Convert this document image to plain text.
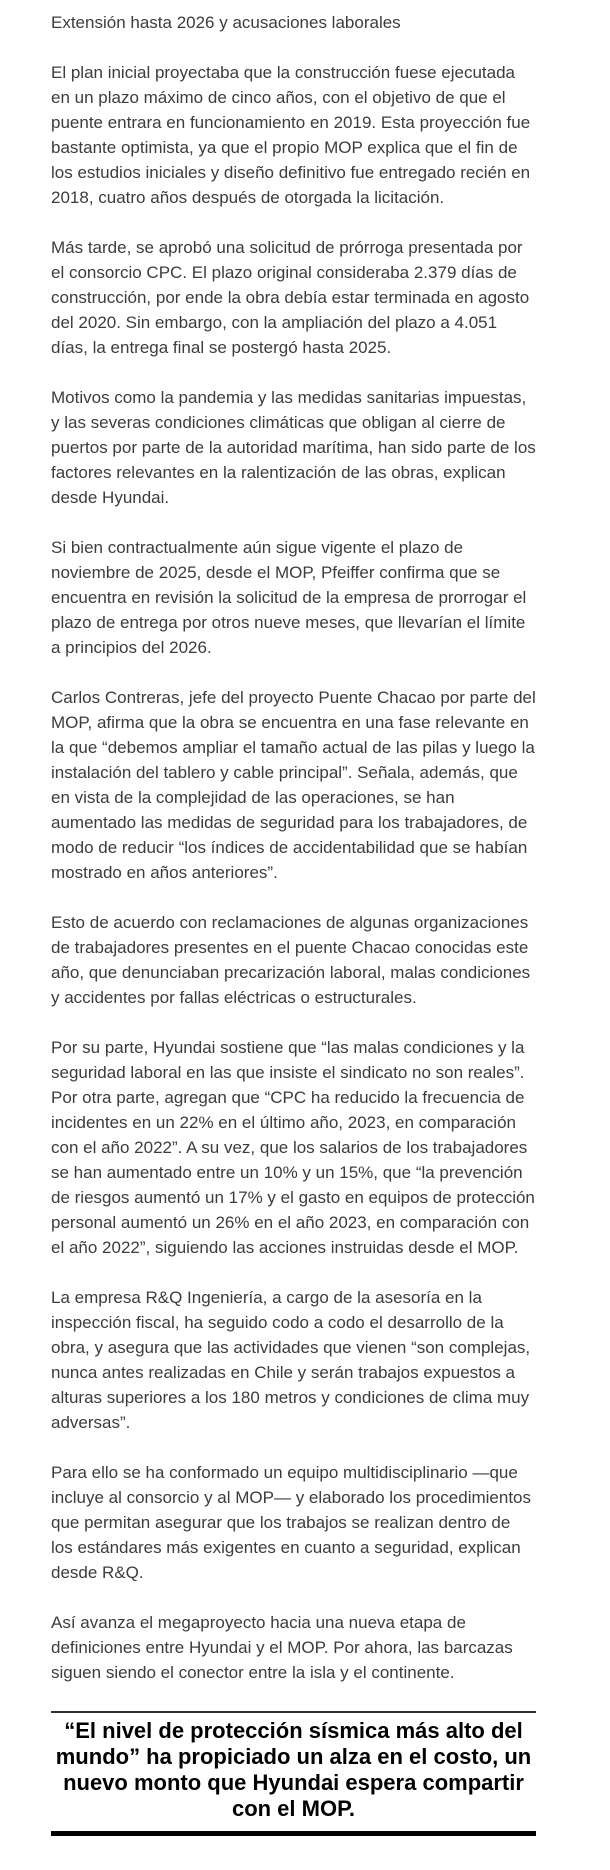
Extensión hasta 2026 y acusaciones laborales

El plan inicial proyectaba que la construcción fuese ejecutada en un plazo máximo de cinco años, con el objetivo de que el puente entrara en funcionamiento en 2019. Esta proyección fue bastante optimista, ya que el propio MOP explica que el fin de los estudios iniciales y diseño definitivo fue entregado recién en 2018, cuatro años después de otorgada la licitación.

Más tarde, se aprobó una solicitud de prórroga presentada por el consorcio CPC. El plazo original consideraba 2.379 días de construcción, por ende la obra debía estar terminada en agosto del 2020. Sin embargo, con la ampliación del plazo a 4.051 días, la entrega final se postergó hasta 2025.

Motivos como la pandemia y las medidas sanitarias impuestas, y las severas condiciones climáticas que obligan al cierre de puertos por parte de la autoridad marítima, han sido parte de los factores relevantes en la ralentización de las obras, explican desde Hyundai.

Si bien contractualmente aún sigue vigente el plazo de noviembre de 2025, desde el MOP, Pfeiffer confirma que se encuentra en revisión la solicitud de la empresa de prorrogar el plazo de entrega por otros nueve meses, que llevarían el límite a principios del 2026.

Carlos Contreras, jefe del proyecto Puente Chacao por parte del MOP, afirma que la obra se encuentra en una fase relevante en la que “debemos ampliar el tamaño actual de las pilas y luego la instalación del tablero y cable principal”. Señala, además, que en vista de la complejidad de las operaciones, se han aumentado las medidas de seguridad para los trabajadores, de modo de reducir “los índices de accidentabilidad que se habían mostrado en años anteriores”.

Esto de acuerdo con reclamaciones de algunas organizaciones de trabajadores presentes en el puente Chacao conocidas este año, que denunciaban precarización laboral, malas condiciones y accidentes por fallas eléctricas o estructurales.

Por su parte, Hyundai sostiene que “las malas condiciones y la seguridad laboral en las que insiste el sindicato no son reales”. Por otra parte, agregan que “CPC ha reducido la frecuencia de incidentes en un 22% en el último año, 2023, en comparación con el año 2022”. A su vez, que los salarios de los trabajadores se han aumentado entre un 10% y un 15%, que “la prevención de riesgos aumentó un 17% y el gasto en equipos de protección personal aumentó un 26% en el año 2023, en comparación con el año 2022”, siguiendo las acciones instruidas desde el MOP.

La empresa R&Q Ingeniería, a cargo de la asesoría en la inspección fiscal, ha seguido codo a codo el desarrollo de la obra, y asegura que las actividades que vienen “son complejas, nunca antes realizadas en Chile y serán trabajos expuestos a alturas superiores a los 180 metros y condiciones de clima muy adversas”.

Para ello se ha conformado un equipo multidisciplinario —que incluye al consorcio y al MOP— y elaborado los procedimientos que permitan asegurar que los trabajos se realizan dentro de los estándares más exigentes en cuanto a seguridad, explican desde R&Q.

Así avanza el megaproyecto hacia una nueva etapa de definiciones entre Hyundai y el MOP. Por ahora, las barcazas siguen siendo el conector entre la isla y el continente.

“El nivel de protección sísmica más alto del mundo” ha propiciado un alza en el costo, un nuevo monto que Hyundai espera compartir con el MOP.
